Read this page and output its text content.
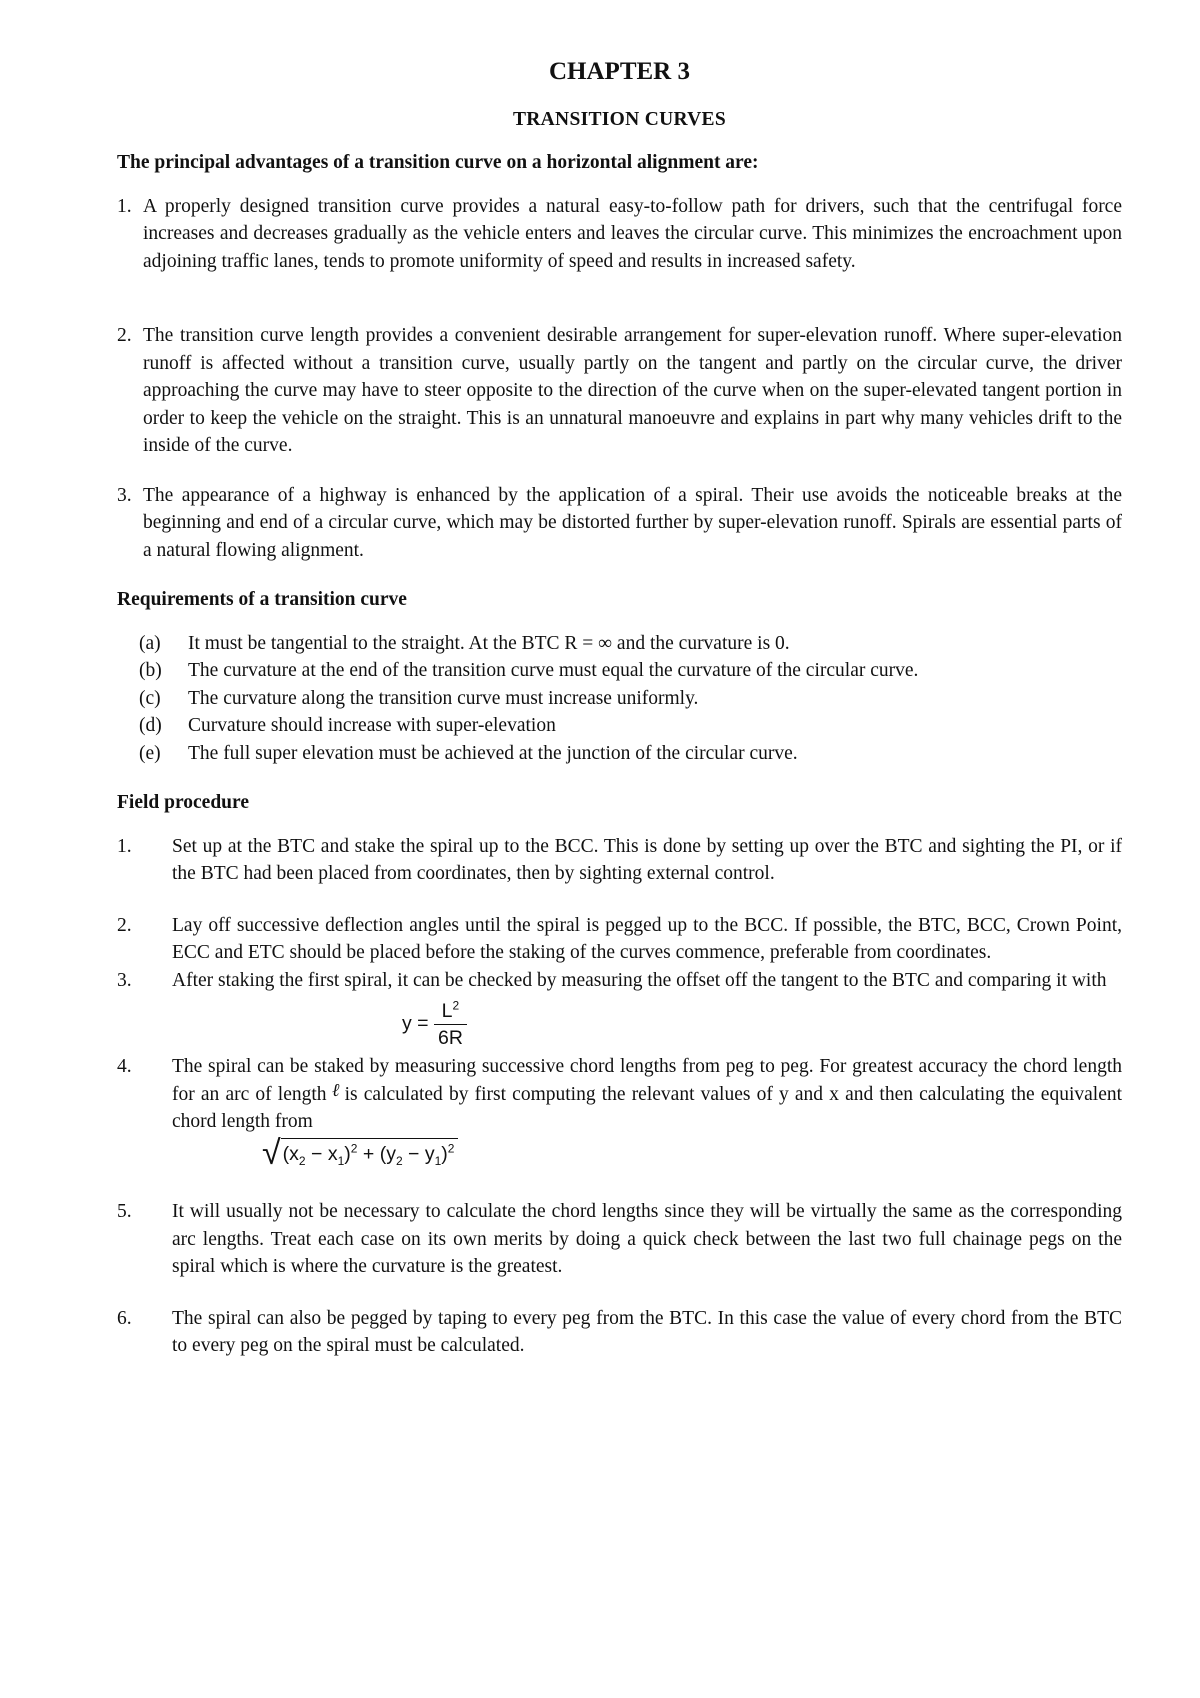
CHAPTER 3
TRANSITION CURVES
The principal advantages of a transition curve on a horizontal alignment are:
1. A properly designed transition curve provides a natural easy-to-follow path for drivers, such that the centrifugal force increases and decreases gradually as the vehicle enters and leaves the circular curve. This minimizes the encroachment upon adjoining traffic lanes, tends to promote uniformity of speed and results in increased safety.
2. The transition curve length provides a convenient desirable arrangement for super-elevation runoff. Where super-elevation runoff is affected without a transition curve, usually partly on the tangent and partly on the circular curve, the driver approaching the curve may have to steer opposite to the direction of the curve when on the super-elevated tangent portion in order to keep the vehicle on the straight. This is an unnatural manoeuvre and explains in part why many vehicles drift to the inside of the curve.
3. The appearance of a highway is enhanced by the application of a spiral. Their use avoids the noticeable breaks at the beginning and end of a circular curve, which may be distorted further by super-elevation runoff. Spirals are essential parts of a natural flowing alignment.
Requirements of a transition curve
(a)	It must be tangential to the straight. At the BTC R = ∞ and the curvature is 0.
(b)	The curvature at the end of the transition curve must equal the curvature of the circular curve.
(c)	The curvature along the transition curve must increase uniformly.
(d)	Curvature should increase with super-elevation
(e)	The full super elevation must be achieved at the junction of the circular curve.
Field procedure
1.	Set up at the BTC and stake the spiral up to the BCC. This is done by setting up over the BTC and sighting the PI, or if the BTC had been placed from coordinates, then by sighting external control.
2.	Lay off successive deflection angles until the spiral is pegged up to the BCC. If possible, the BTC, BCC, Crown Point, ECC and ETC should be placed before the staking of the curves commence, preferable from coordinates.
3.	After staking the first spiral, it can be checked by measuring the offset off the tangent to the BTC and comparing it with
$y = \frac{L^2}{6R}$
4.	The spiral can be staked by measuring successive chord lengths from peg to peg. For greatest accuracy the chord length for an arc of length ℓ is calculated by first computing the relevant values of y and x and then calculating the equivalent chord length from
√ $(x_2 - x_1)^2 + (y_2 - y_1)^2$
5.	It will usually not be necessary to calculate the chord lengths since they will be virtually the same as the corresponding arc lengths. Treat each case on its own merits by doing a quick check between the last two full chainage pegs on the spiral which is where the curvature is the greatest.
6.	The spiral can also be pegged by taping to every peg from the BTC. In this case the value of every chord from the BTC to every peg on the spiral must be calculated.
